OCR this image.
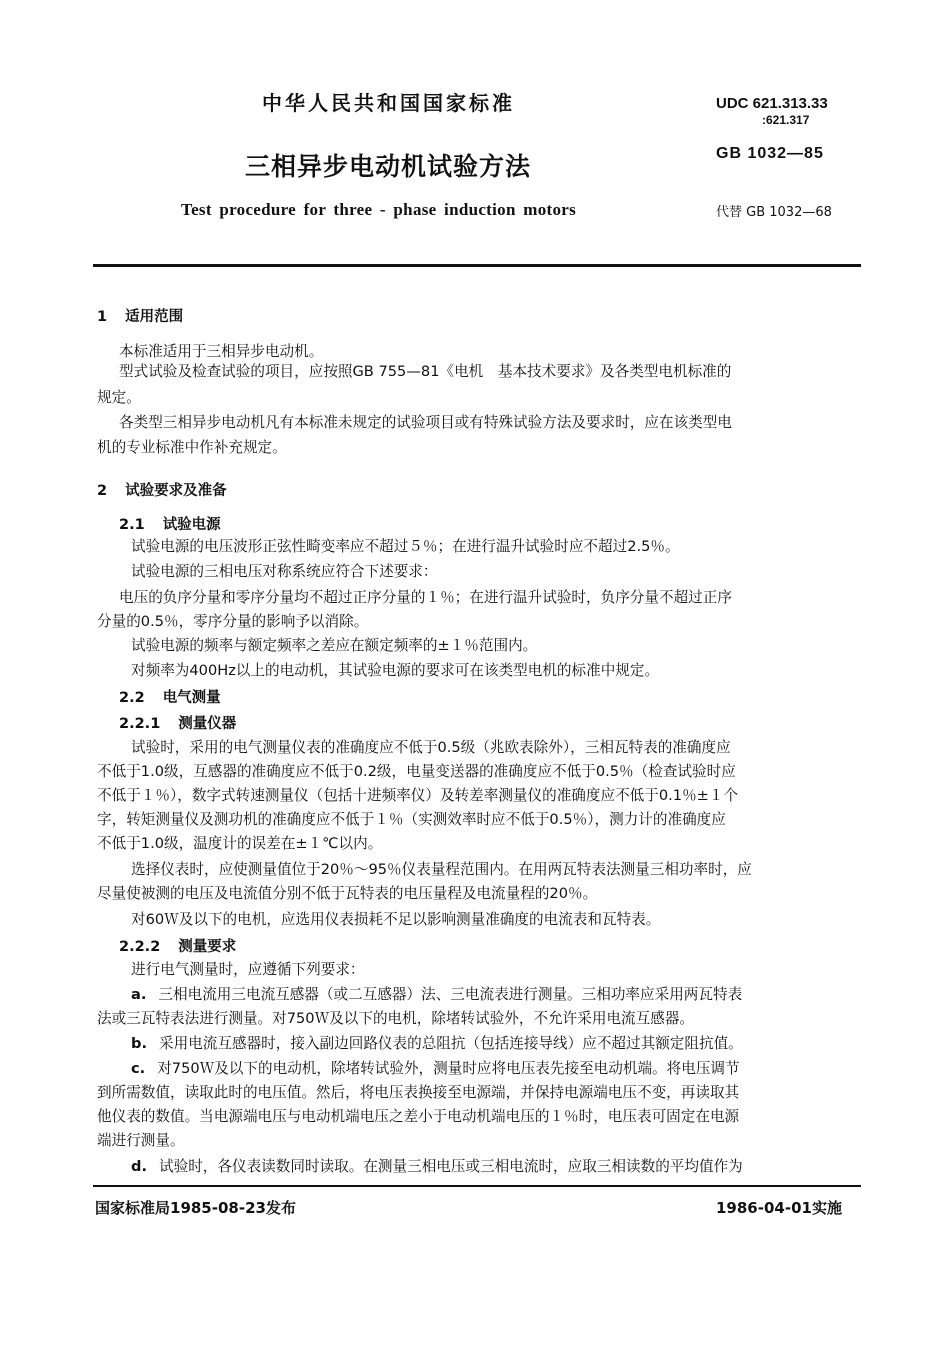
中华人民共和国国家标准	UDC 621.313.33
:621.317
三相异步电动机试验方法	GB 1032—85
Test procedure for three - phase induction motors	代替 GB 1032—68
1 适用范围
本标准适用于三相异步电动机。
型式试验及检查试验的项目，应按照GB 755—81《电机　基本技术要求》及各类型电机标准的
规定。
各类型三相异步电动机凡有本标准未规定的试验项目或有特殊试验方法及要求时，应在该类型电
机的专业标准中作补充规定。
2 试验要求及准备
2.1 试验电源
试验电源的电压波形正弦性畸变率应不超过５％；在进行温升试验时应不超过2.5％。
试验电源的三相电压对称系统应符合下述要求：
电压的负序分量和零序分量均不超过正序分量的１％；在进行温升试验时，负序分量不超过正序
分量的0.5％，零序分量的影响予以消除。
试验电源的频率与额定频率之差应在额定频率的±１％范围内。
对频率为400Hz以上的电动机，其试验电源的要求可在该类型电机的标准中规定。
2.2 电气测量
2.2.1 测量仪器
试验时，采用的电气测量仪表的准确度应不低于0.5级（兆欧表除外），三相瓦特表的准确度应
不低于1.0级，互感器的准确度应不低于0.2级，电量变送器的准确度应不低于0.5％（检查试验时应
不低于１％），数字式转速测量仪（包括十进频率仪）及转差率测量仪的准确度应不低于0.1％±１个
字，转矩测量仪及测功机的准确度应不低于１％（实测效率时应不低于0.5％），测力计的准确度应
不低于1.0级，温度计的误差在±１℃以内。
选择仪表时，应使测量值位于20％～95％仪表量程范围内。在用两瓦特表法测量三相功率时，应
尽量使被测的电压及电流值分别不低于瓦特表的电压量程及电流量程的20％。
对60Ｗ及以下的电机，应选用仪表损耗不足以影响测量准确度的电流表和瓦特表。
2.2.2 测量要求
进行电气测量时，应遵循下列要求：
a. 三相电流用三电流互感器（或二互感器）法、三电流表进行测量。三相功率应采用两瓦特表
法或三瓦特表法进行测量。对750Ｗ及以下的电机，除堵转试验外，不允许采用电流互感器。
b. 采用电流互感器时，接入副边回路仪表的总阻抗（包括连接导线）应不超过其额定阻抗值。
c. 对750Ｗ及以下的电动机，除堵转试验外，测量时应将电压表先接至电动机端。将电压调节
到所需数值，读取此时的电压值。然后，将电压表换接至电源端，并保持电源端电压不变，再读取其
他仪表的数值。当电源端电压与电动机端电压之差小于电动机端电压的１％时，电压表可固定在电源
端进行测量。
d. 试验时，各仪表读数同时读取。在测量三相电压或三相电流时，应取三相读数的平均值作为
国家标准局1985-08-23发布	1986-04-01实施
